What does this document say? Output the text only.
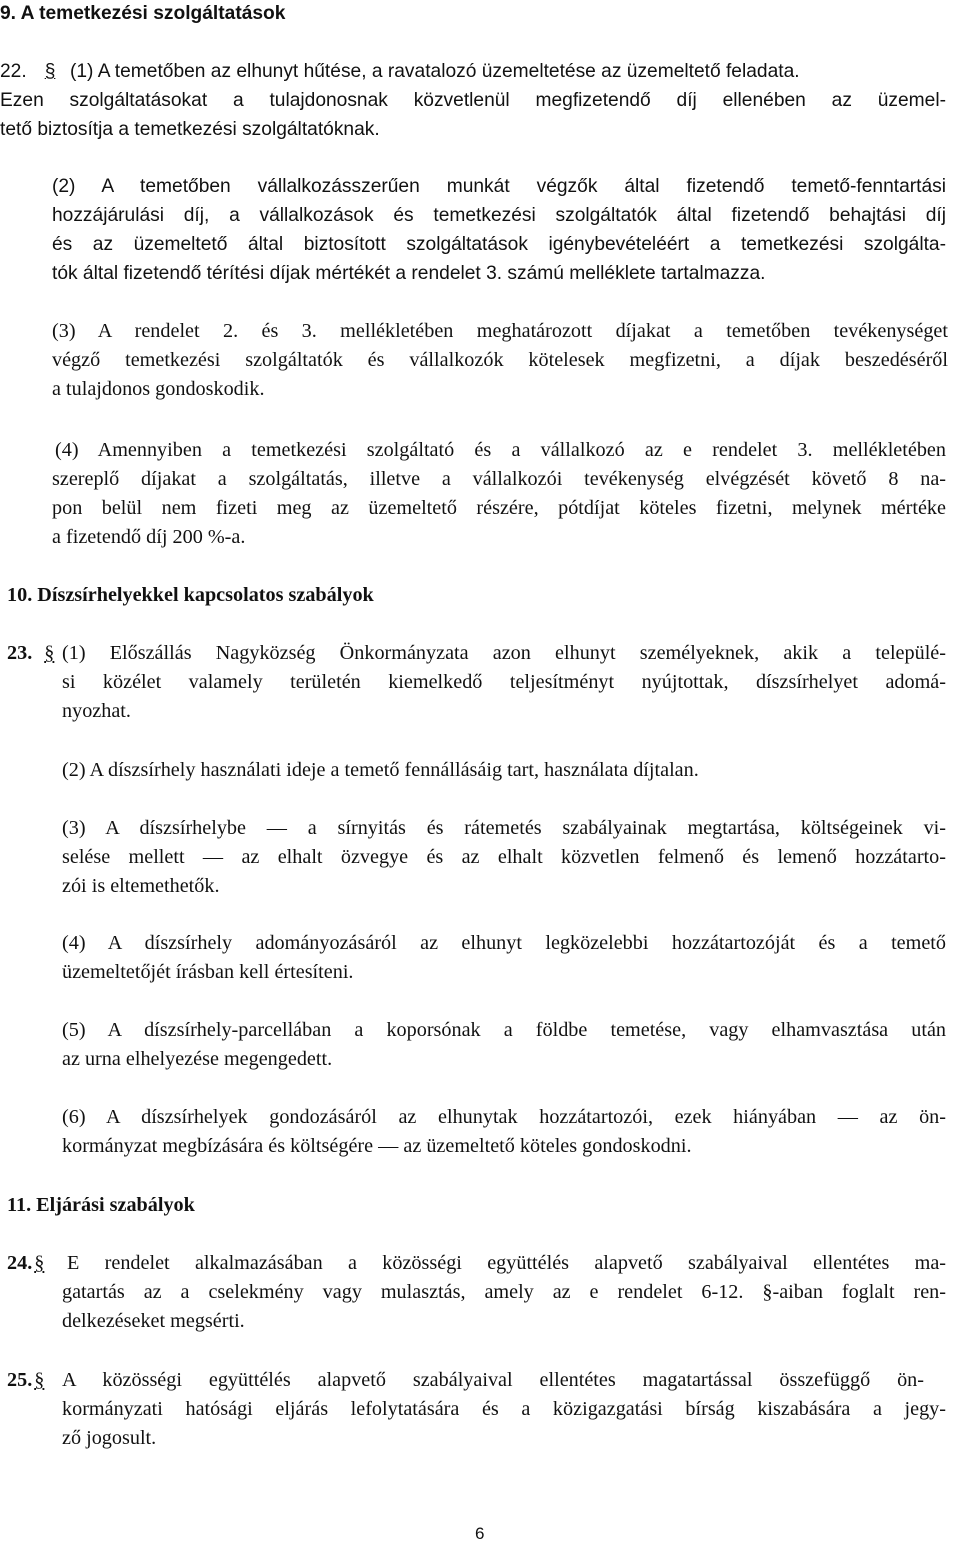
9. A temetkezési szolgáltatások
22. § (1) A temetőben az elhunyt hűtése, a ravatalozó üzemeltetése az üzemeltető feladata.
Ezen szolgáltatásokat a tulajdonosnak közvetlenül megfizetendő díj ellenében az üzemel-
tető biztosítja a temetkezési szolgáltatóknak.
(2) A temetőben vállalkozásszerűen munkát végzők által fizetendő temető-fenntartási
hozzájárulási díj, a vállalkozások és temetkezési szolgáltatók által fizetendő behajtási díj
és az üzemeltető által biztosított szolgáltatások igénybevételéért a temetkezési szolgálta-
tók által fizetendő térítési díjak mértékét a rendelet 3. számú melléklete tartalmazza.
(3) A rendelet 2. és 3. mellékletében meghatározott díjakat a temetőben tevékenységet
végző temetkezési szolgáltatók és vállalkozók kötelesek megfizetni, a díjak beszedéséről
a tulajdonos gondoskodik.
(4) Amennyiben a temetkezési szolgáltató és a vállalkozó az e rendelet 3. mellékletében
szereplő díjakat a szolgáltatás, illetve a vállalkozói tevékenység elvégzését követő 8 na-
pon belül nem fizeti meg az üzemeltető részére, pótdíjat köteles fizetni, melynek mértéke
a fizetendő díj 200 %-a.
10. Díszsírhelyekkel kapcsolatos szabályok
23. § (1) Előszállás Nagyközség Önkormányzata azon elhunyt személyeknek, akik a települé-
si közélet valamely területén kiemelkedő teljesítményt nyújtottak, díszsírhelyet adomá-
nyozhat.
(2) A díszsírhely használati ideje a temető fennállásáig tart, használata díjtalan.
(3) A díszsírhelybe — a sírnyitás és rátemetés szabályainak megtartása, költségeinek vi-
selése mellett — az elhalt özvegye és az elhalt közvetlen felmenő és lemenő hozzátarto-
zói is eltemethetők.
(4) A díszsírhely adományozásáról az elhunyt legközelebbi hozzátartozóját és a temető
üzemeltetőjét írásban kell értesíteni.
(5) A díszsírhely-parcellában a koporsónak a földbe temetése, vagy elhamvasztása után
az urna elhelyezése megengedett.
(6) A díszsírhelyek gondozásáról az elhunytak hozzátartozói, ezek hiányában — az ön-
kormányzat megbízására és költségére — az üzemeltető köteles gondoskodni.
11. Eljárási szabályok
24.§ E rendelet alkalmazásában a közösségi együttélés alapvető szabályaival ellentétes ma-
gatartás az a cselekmény vagy mulasztás, amely az e rendelet 6-12. §-aiban foglalt ren-
delkezéseket megsérti.
25.§ A közösségi együttélés alapvető szabályaival ellentétes magatartással összefüggő ön-
kormányzati hatósági eljárás lefolytatására és a közigazgatási bírság kiszabására a jegy-
ző jogosult.
6
